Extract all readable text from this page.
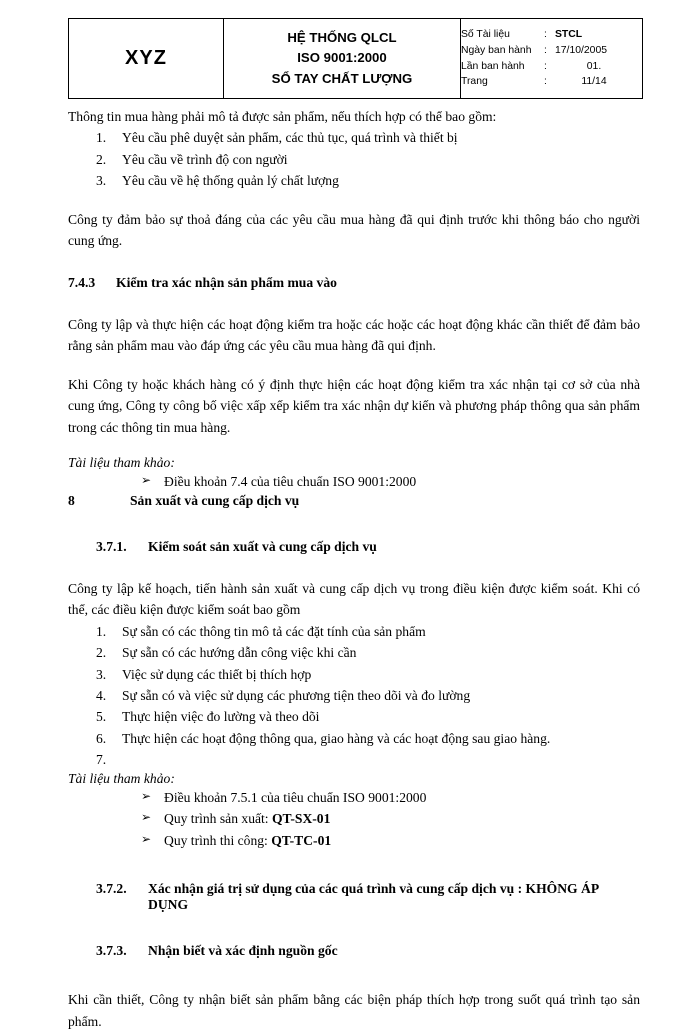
XYZ	
HỆ THỐNG QLCL
ISO 9001:2000
SỔ TAY CHẤT LƯỢNG

Số Tài liệu	: STCL
Ngày ban hành	: 17/10/2005
Lần ban hành	:	01.
Trang	:	11/14

Thông tin mua hàng phải mô tả được sản phẩm, nếu thích hợp có thể bao gồm:

1.	Yêu cầu phê duyệt sản phẩm, các thủ tục, quá trình và thiết bị
2.	Yêu cầu về trình độ con người
3.	Yêu cầu về hệ thống quản lý chất lượng

Công ty đảm bảo sự thoả đáng của các yêu cầu mua hàng đã qui định trước khi thông báo cho người cung ứng.

7.4.3	Kiểm tra xác nhận sản phẩm mua vào

Công ty lập và thực hiện các hoạt động kiểm tra hoặc các hoặc các hoạt động khác cần thiết để đảm bảo rằng sản phẩm mau vào đáp ứng các yêu cầu mua hàng đã qui định.

Khi Công ty hoặc khách hàng có ý định thực hiện các hoạt động kiểm tra xác nhận tại cơ sở của nhà cung ứng, Công ty công bố việc xấp xếp kiểm tra xác nhận dự kiến và phương pháp thông qua sản phẩm trong các thông tin mua hàng.

Tài liệu tham khảo:
➢ Điều khoản 7.4 của tiêu chuẩn ISO 9001:2000
8	Sản xuất và cung cấp dịch vụ
3.7.1.	Kiểm soát sản xuất và cung cấp dịch vụ

Công ty lập kế hoạch, tiến hành sản xuất và cung cấp dịch vụ trong điều kiện được kiểm soát. Khi có thể, các điều kiện được kiểm soát bao gồm

1.	Sự sẵn có các thông tin mô tả các đặt tính của sản phẩm
2.	Sự sẵn có các hướng dẫn công việc khi cần
3.	Việc sử dụng các thiết bị thích hợp
4.	Sự sẵn có và việc sử dụng các phương tiện theo dõi và đo lường
5.	Thực hiện việc đo lường và theo dõi
6.	Thực hiện các hoạt động thông qua, giao hàng và các hoạt động sau giao hàng.
7.
Tài liệu tham khảo:
➢ Điều khoản 7.5.1 của tiêu chuẩn ISO 9001:2000
➢ Quy trình sản xuất: QT-SX-01
➢ Quy trình thi công: QT-TC-01
3.7.2.	Xác nhận giá trị sử dụng của các quá trình và cung cấp dịch vụ : KHÔNG ÁP DỤNG
3.7.3.	Nhận biết và xác định nguồn gốc

Khi cần thiết, Công ty nhận biết sản phẩm bằng các biện pháp thích hợp trong suốt quá trình tạo sản phẩm.
